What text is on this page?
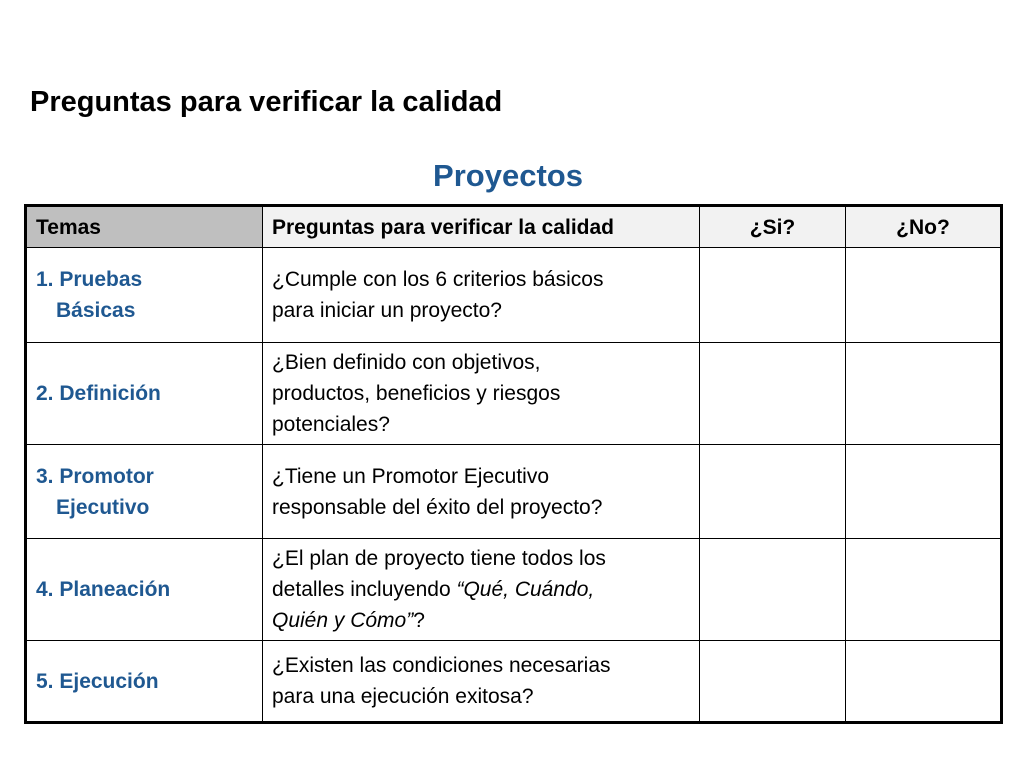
Preguntas para verificar la calidad
Proyectos
Temas	Preguntas para verificar la calidad	¿Si?	¿No?

1. Pruebas
Básicas	¿Cumple con los 6 criterios básicos
para iniciar un proyecto?		

2. Definición	¿Bien definido con objetivos,
productos, beneficios y riesgos
potenciales?		

3. Promotor
Ejecutivo	¿Tiene un Promotor Ejecutivo
responsable del éxito del proyecto?		

4. Planeación	¿El plan de proyecto tiene todos los
detalles incluyendo “Qué, Cuándo,
Quién y Cómo”?		

5. Ejecución	¿Existen las condiciones necesarias
para una ejecución exitosa?		
